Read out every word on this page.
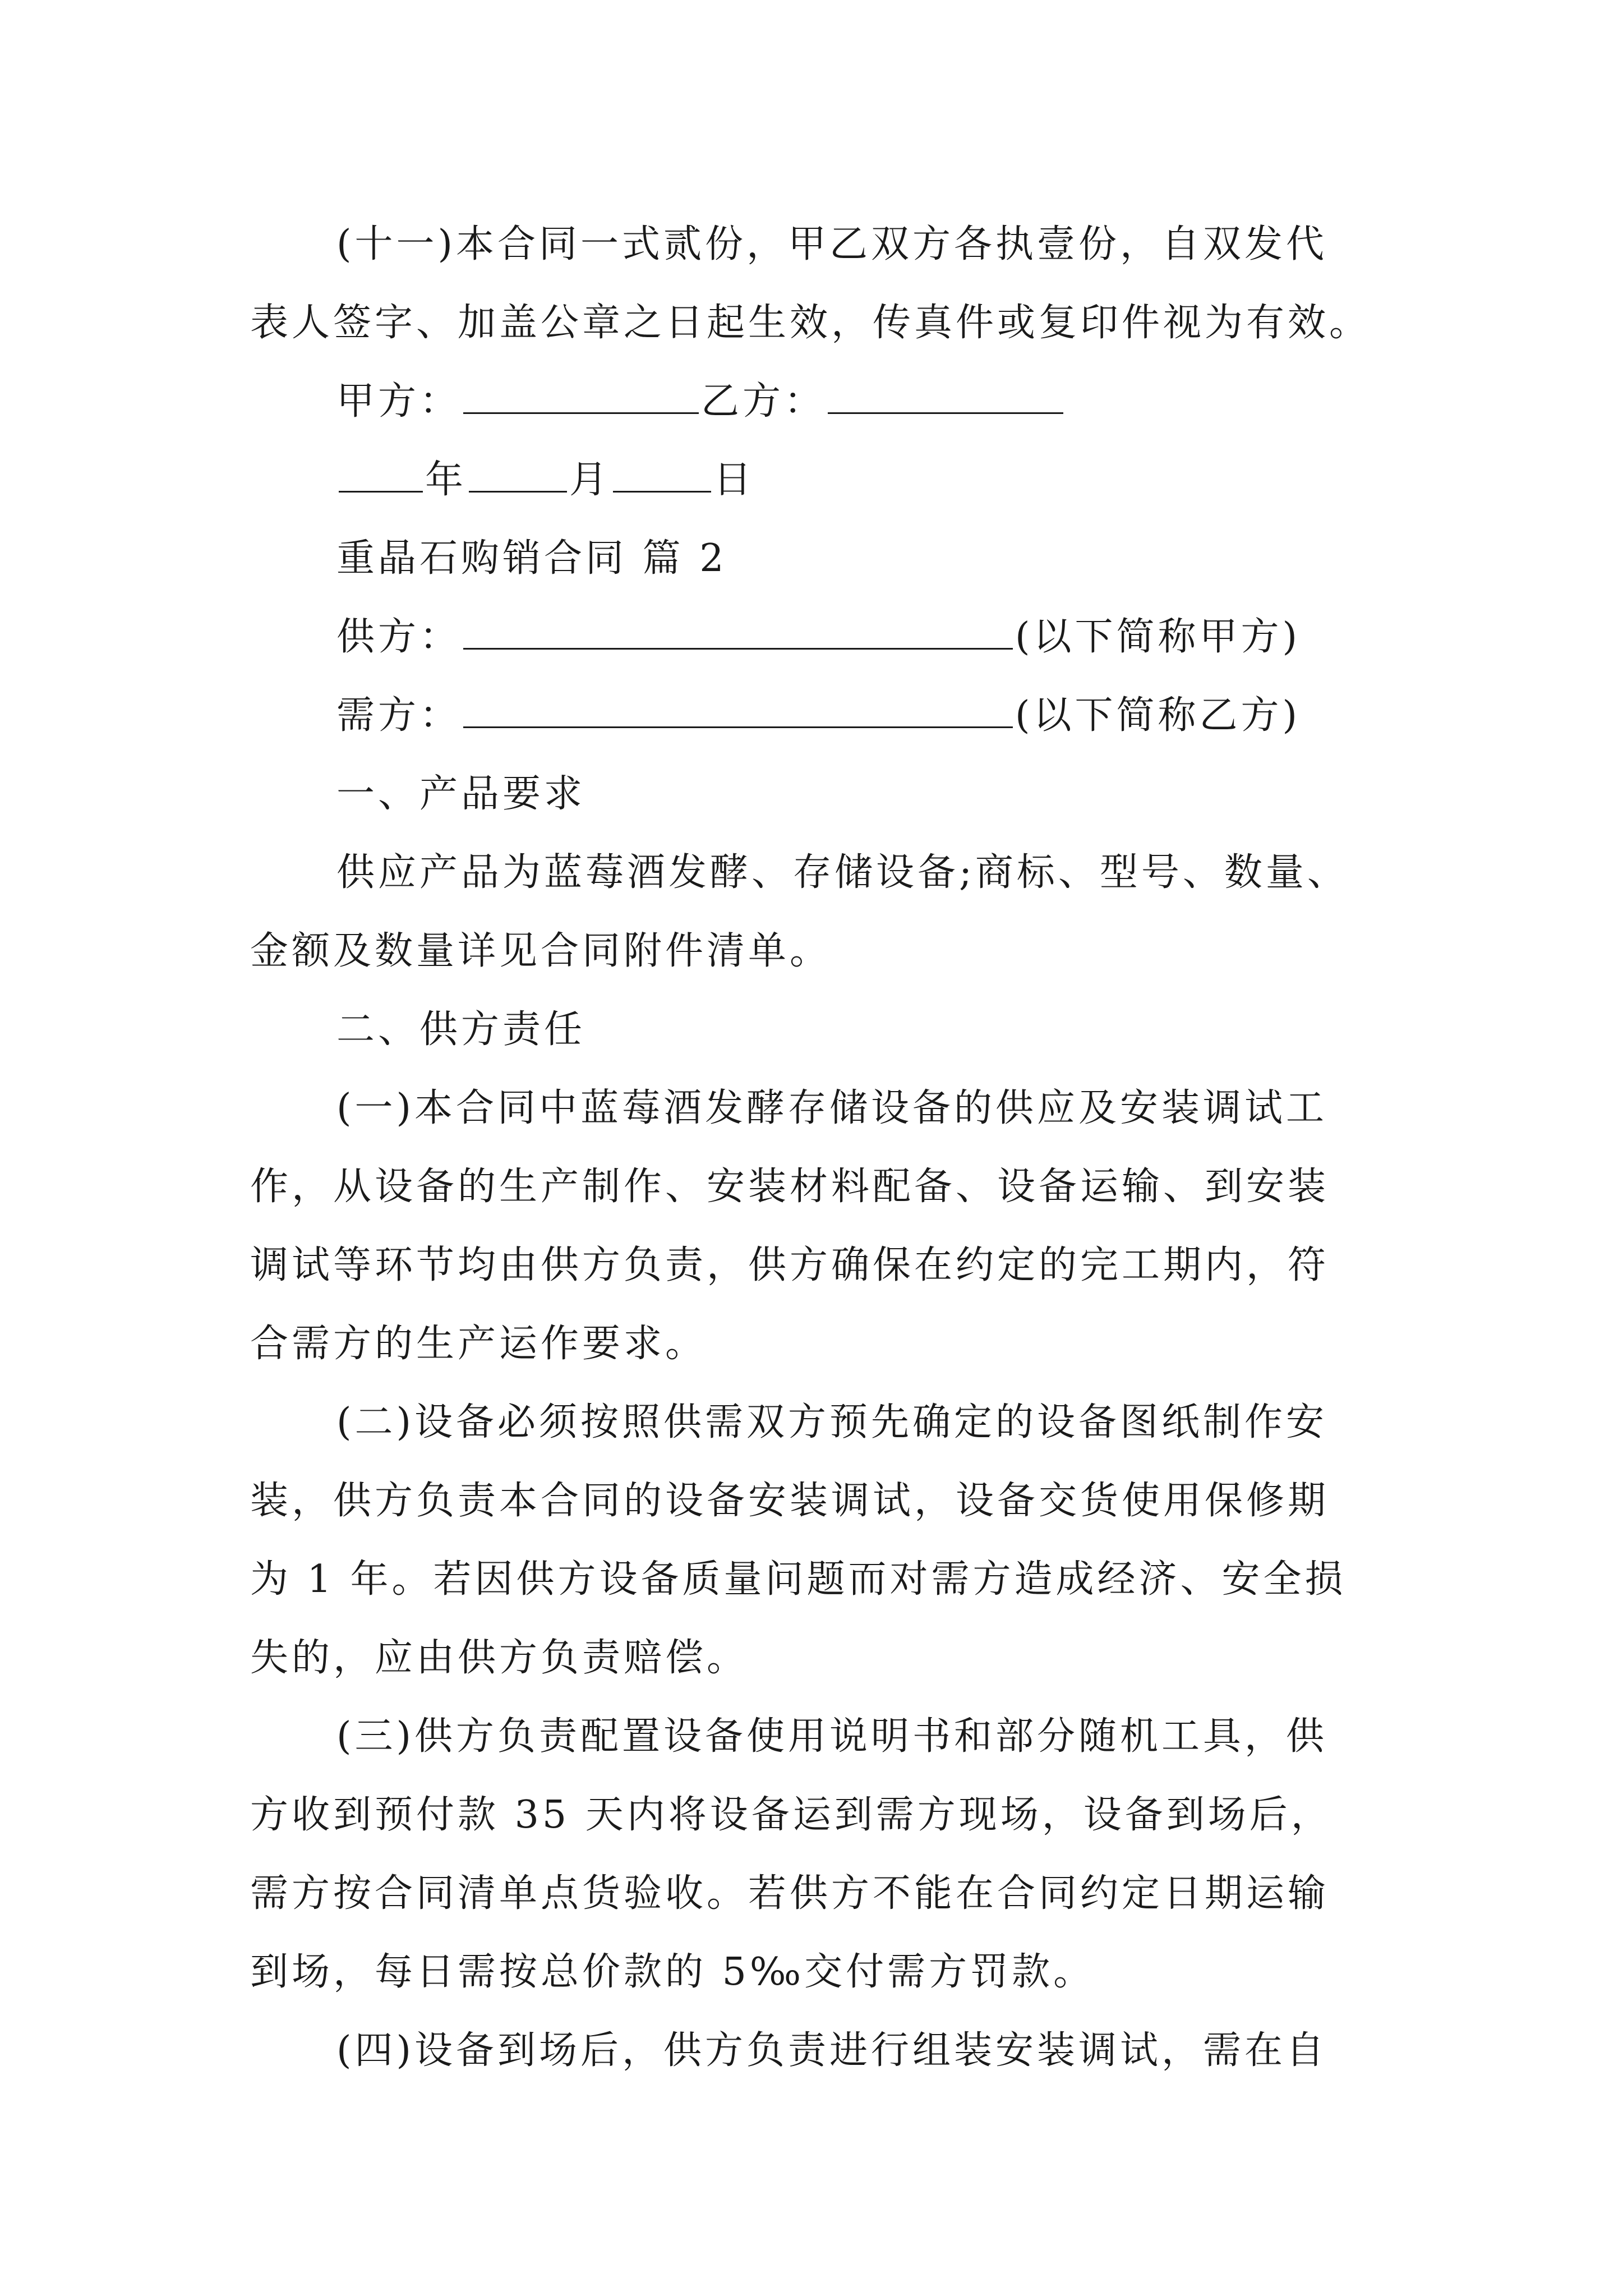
(十一)本合同一式贰份，甲乙双方各执壹份，自双发代
表人签字、加盖公章之日起生效，传真件或复印件视为有效。
甲方：	乙方：
年	月	日
重晶石购销合同 篇 2
供方：	(以下简称甲方)
需方：	(以下简称乙方)
一、产品要求
供应产品为蓝莓酒发酵、存储设备;商标、型号、数量、
金额及数量详见合同附件清单。
二、供方责任
(一)本合同中蓝莓酒发酵存储设备的供应及安装调试工
作，从设备的生产制作、安装材料配备、设备运输、到安装
调试等环节均由供方负责，供方确保在约定的完工期内，符
合需方的生产运作要求。
(二)设备必须按照供需双方预先确定的设备图纸制作安
装，供方负责本合同的设备安装调试，设备交货使用保修期
为 1 年。若因供方设备质量问题而对需方造成经济、安全损
失的，应由供方负责赔偿。
(三)供方负责配置设备使用说明书和部分随机工具，供
方收到预付款 35 天内将设备运到需方现场，设备到场后，
需方按合同清单点货验收。若供方不能在合同约定日期运输
到场，每日需按总价款的 5‰交付需方罚款。
(四)设备到场后，供方负责进行组装安装调试，需在自
